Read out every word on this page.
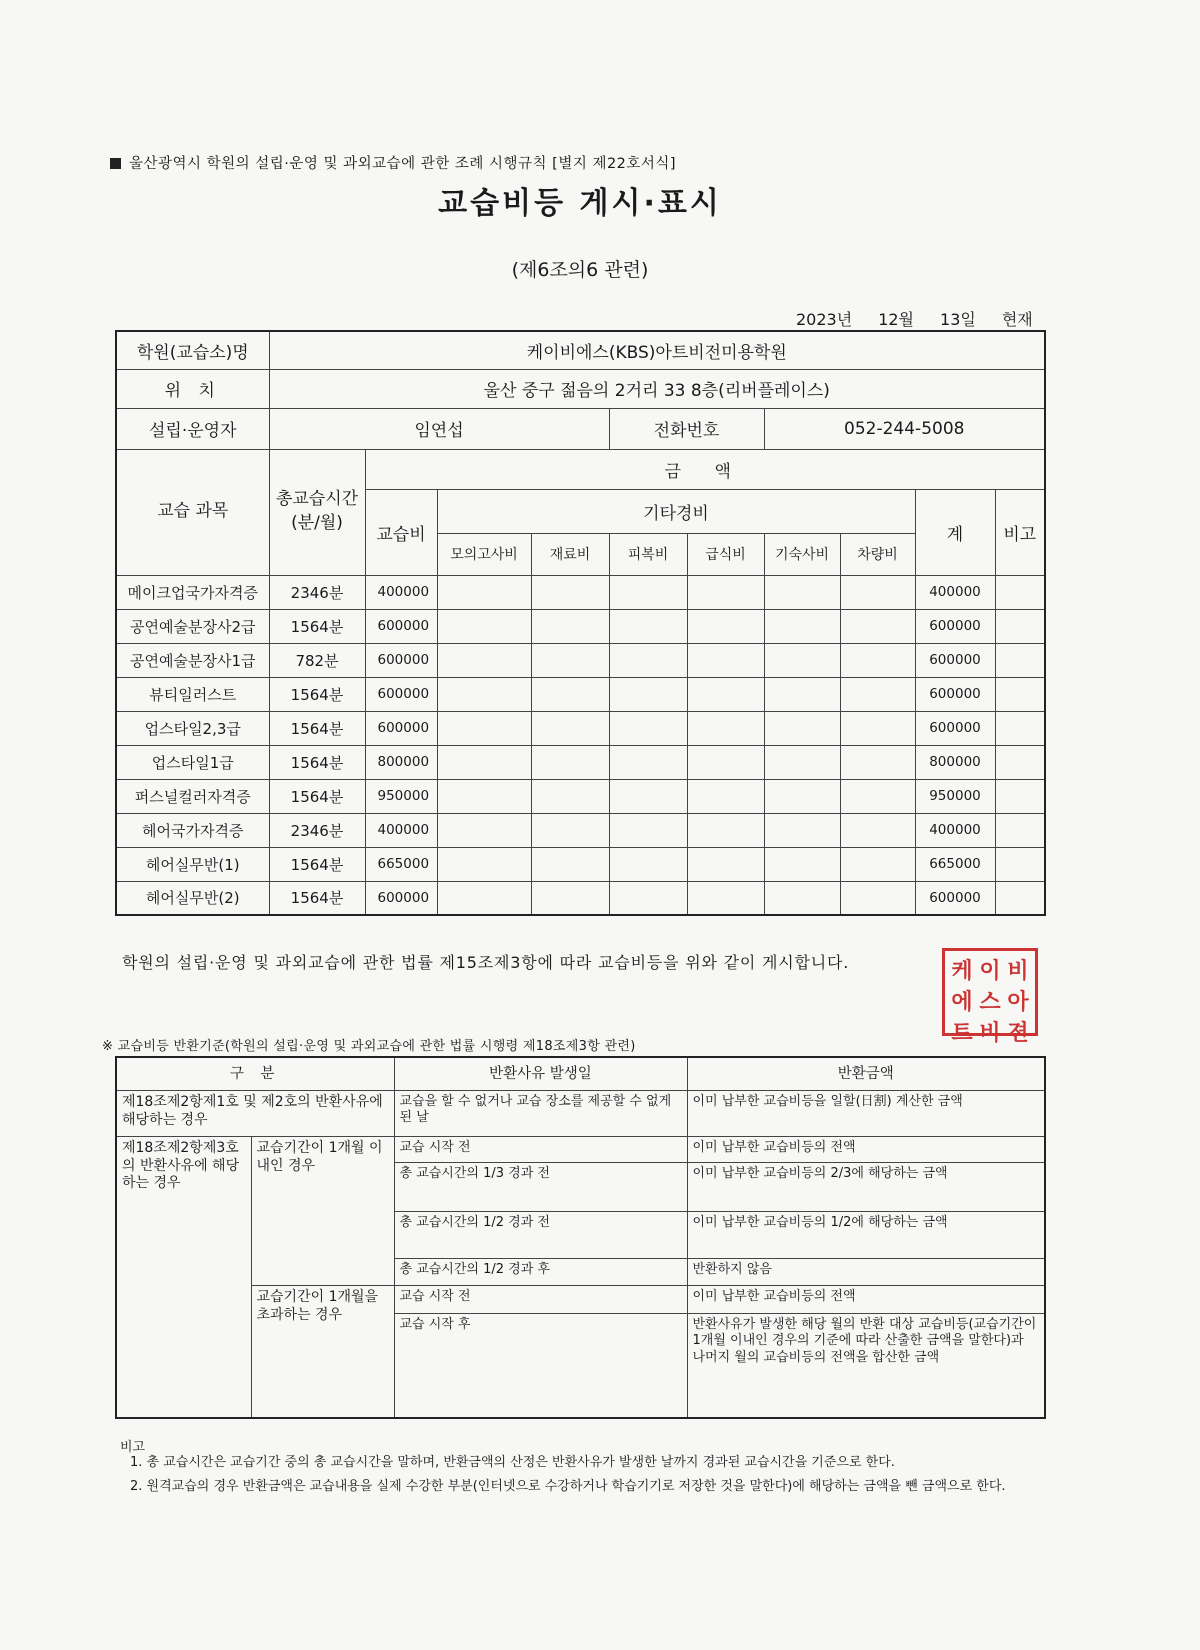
울산광역시 학원의 설립·운영 및 과외교습에 관한 조례 시행규칙 [별지 제22호서식]
교습비등 게시·표시
(제6조의6 관련)
2023년 12월 13일 현재
학원(교습소)명	케이비에스(KBS)아트비전미용학원									
위 치	울산 중구 젊음의 2거리 33 8층(리버플레이스)									
설립·운영자	임연섭				전화번호		052-244-5008			
교습 과목	총교습시간(분/월)	금 액								
		교습비	기타경비						계	비고
			모의고사비	재료비	피복비	급식비	기숙사비	차량비		
메이크업국가자격증	2346분	400000							400000	
공연예술분장사2급	1564분	600000							600000	
공연예술분장사1급	782분	600000							600000	
뷰티일러스트	1564분	600000							600000	
업스타일2,3급	1564분	600000							600000	
업스타일1급	1564분	800000							800000	
퍼스널컬러자격증	1564분	950000							950000	
헤어국가자격증	2346분	400000							400000	
헤어실무반(1)	1564분	665000							665000	
헤어실무반(2)	1564분	600000							600000	
학원의 설립·운영 및 과외교습에 관한 법률 제15조제3항에 따라 교습비등을 위와 같이 게시합니다.	케 이 비
에 스 아
트 비 젼
※ 교습비등 반환기준(학원의 설립·운영 및 과외교습에 관한 법률 시행령 제18조제3항 관련)
구 분		반환사유 발생일	반환금액
제18조제2항제1호 및 제2호의 반환사유에 해당하는 경우		교습을 할 수 없거나 교습 장소를 제공할 수 없게 된 날	이미 납부한 교습비등을 일할(日割) 계산한 금액
제18조제2항제3호의 반환사유에 해당하는 경우	교습기간이 1개월 이내인 경우	교습 시작 전	이미 납부한 교습비등의 전액
		총 교습시간의 1/3 경과 전	이미 납부한 교습비등의 2/3에 해당하는 금액
		총 교습시간의 1/2 경과 전	이미 납부한 교습비등의 1/2에 해당하는 금액
		총 교습시간의 1/2 경과 후	반환하지 않음
	교습기간이 1개월을 초과하는 경우	교습 시작 전	이미 납부한 교습비등의 전액
		교습 시작 후	반환사유가 발생한 해당 월의 반환 대상 교습비등(교습기간이 1개월 이내인 경우의 기준에 따라 산출한 금액을 말한다)과 나머지 월의 교습비등의 전액을 합산한 금액
비고
1. 총 교습시간은 교습기간 중의 총 교습시간을 말하며, 반환금액의 산정은 반환사유가 발생한 날까지 경과된 교습시간을 기준으로 한다.
2. 원격교습의 경우 반환금액은 교습내용을 실제 수강한 부분(인터넷으로 수강하거나 학습기기로 저장한 것을 말한다)에 해당하는 금액을 뺀 금액으로 한다.
